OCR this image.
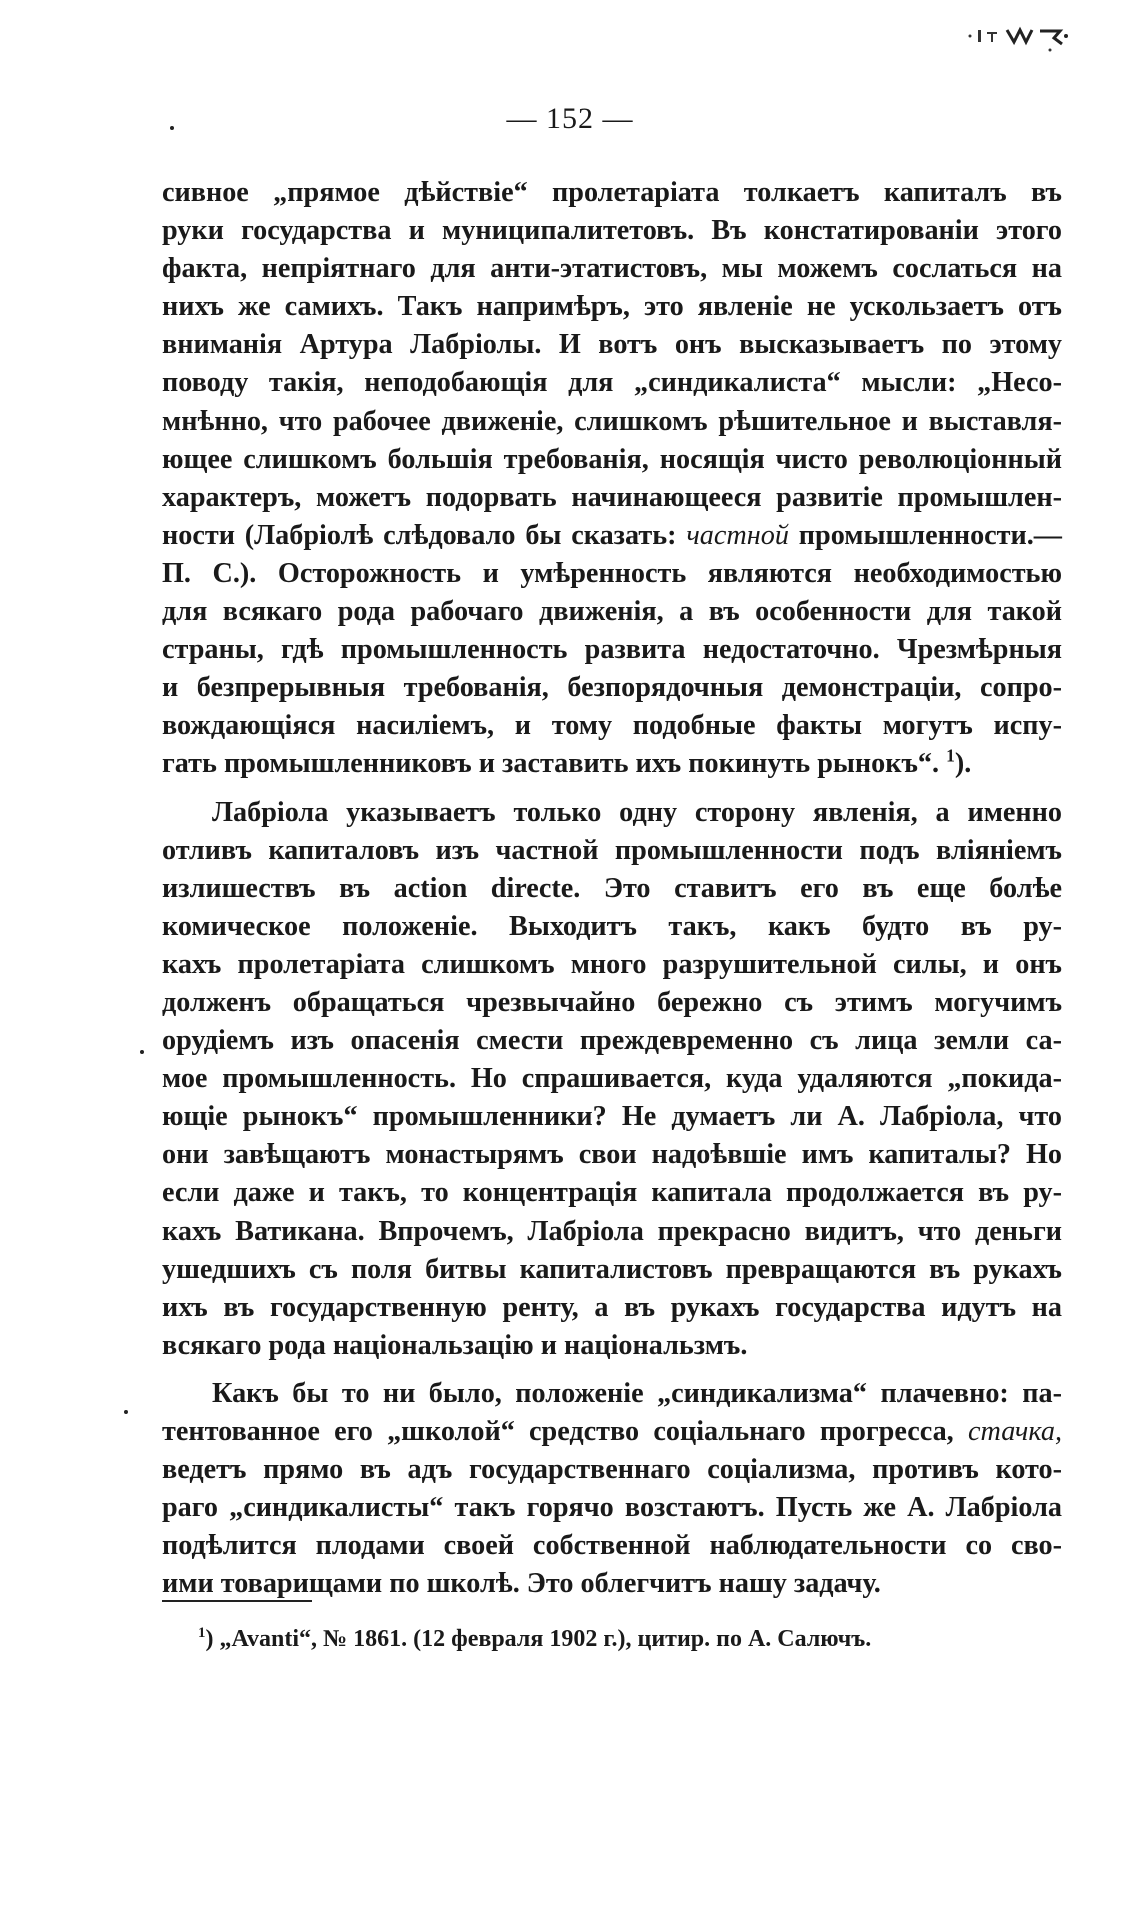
— 152 —

сивное „прямое дѣйствіе“ пролетаріата толкаетъ капиталъ въ
руки государства и муниципалитетовъ. Въ констатированіи этого
факта, непріятнаго для анти-этатистовъ, мы можемъ сослаться на
нихъ же самихъ. Такъ напримѣръ, это явленіе не ускользаетъ отъ
вниманія Артура Лабріолы. И вотъ онъ высказываетъ по этому
поводу такія, неподобающія для „синдикалиста“ мысли: „Несо-
мнѣнно, что рабочее движеніе, слишкомъ рѣшительное и выставля-
ющее слишкомъ большія требованія, носящія чисто революціонный
характеръ, можетъ подорвать начинающееся развитіе промышлен-
ности (Лабріолѣ слѣдовало бы сказать: частной промышленности.—
П. С.). Осторожность и умѣренность являются необходимостью
для всякаго рода рабочаго движенія, а въ особенности для такой
страны, гдѣ промышленность развита недостаточно. Чрезмѣрныя
и безпрерывныя требованія, безпорядочныя демонстраціи, сопро-
вождающіяся насиліемъ, и тому подобные факты могутъ испу-
гать промышленниковъ и заставить ихъ покинуть рынокъ“. $^1$).

Лабріола указываетъ только одну сторону явленія, а именно
отливъ капиталовъ изъ частной промышленности подъ вліяніемъ
излишествъ въ action directe. Это ставитъ его въ еще болѣе
комическое положеніе. Выходитъ такъ, какъ будто въ ру-
кахъ пролетаріата слишкомъ много разрушительной силы, и онъ
долженъ обращаться чрезвычайно бережно съ этимъ могучимъ
орудіемъ изъ опасенія смести преждевременно съ лица земли са-
мое промышленность. Но спрашивается, куда удаляются „покида-
ющіе рынокъ“ промышленники? Не думаетъ ли А. Лабріола, что
они завѣщаютъ монастырямъ свои надоѣвшіе имъ капиталы? Но
если даже и такъ, то концентрація капитала продолжается въ ру-
кахъ Ватикана. Впрочемъ, Лабріола прекрасно видитъ, что деньги
ушедшихъ съ поля битвы капиталистовъ превращаются въ рукахъ
ихъ въ государственную ренту, а въ рукахъ государства идутъ на
всякаго рода національзацію и національзмъ.

Какъ бы то ни было, положеніе „синдикализма“ плачевно: па-
тентованное его „школой“ средство соціальнаго прогресса, стачка,
ведетъ прямо въ адъ государственнаго соціализма, противъ кото-
раго „синдикалисты“ такъ горячо возстаютъ. Пусть же А. Лабріола
подѣлится плодами своей собственной наблюдательности со сво-
ими товарищами по школѣ. Это облегчитъ нашу задачу.

$^1$) „Avanti“, № 1861. (12 февраля 1902 г.), цитир. по А. Салючъ.
